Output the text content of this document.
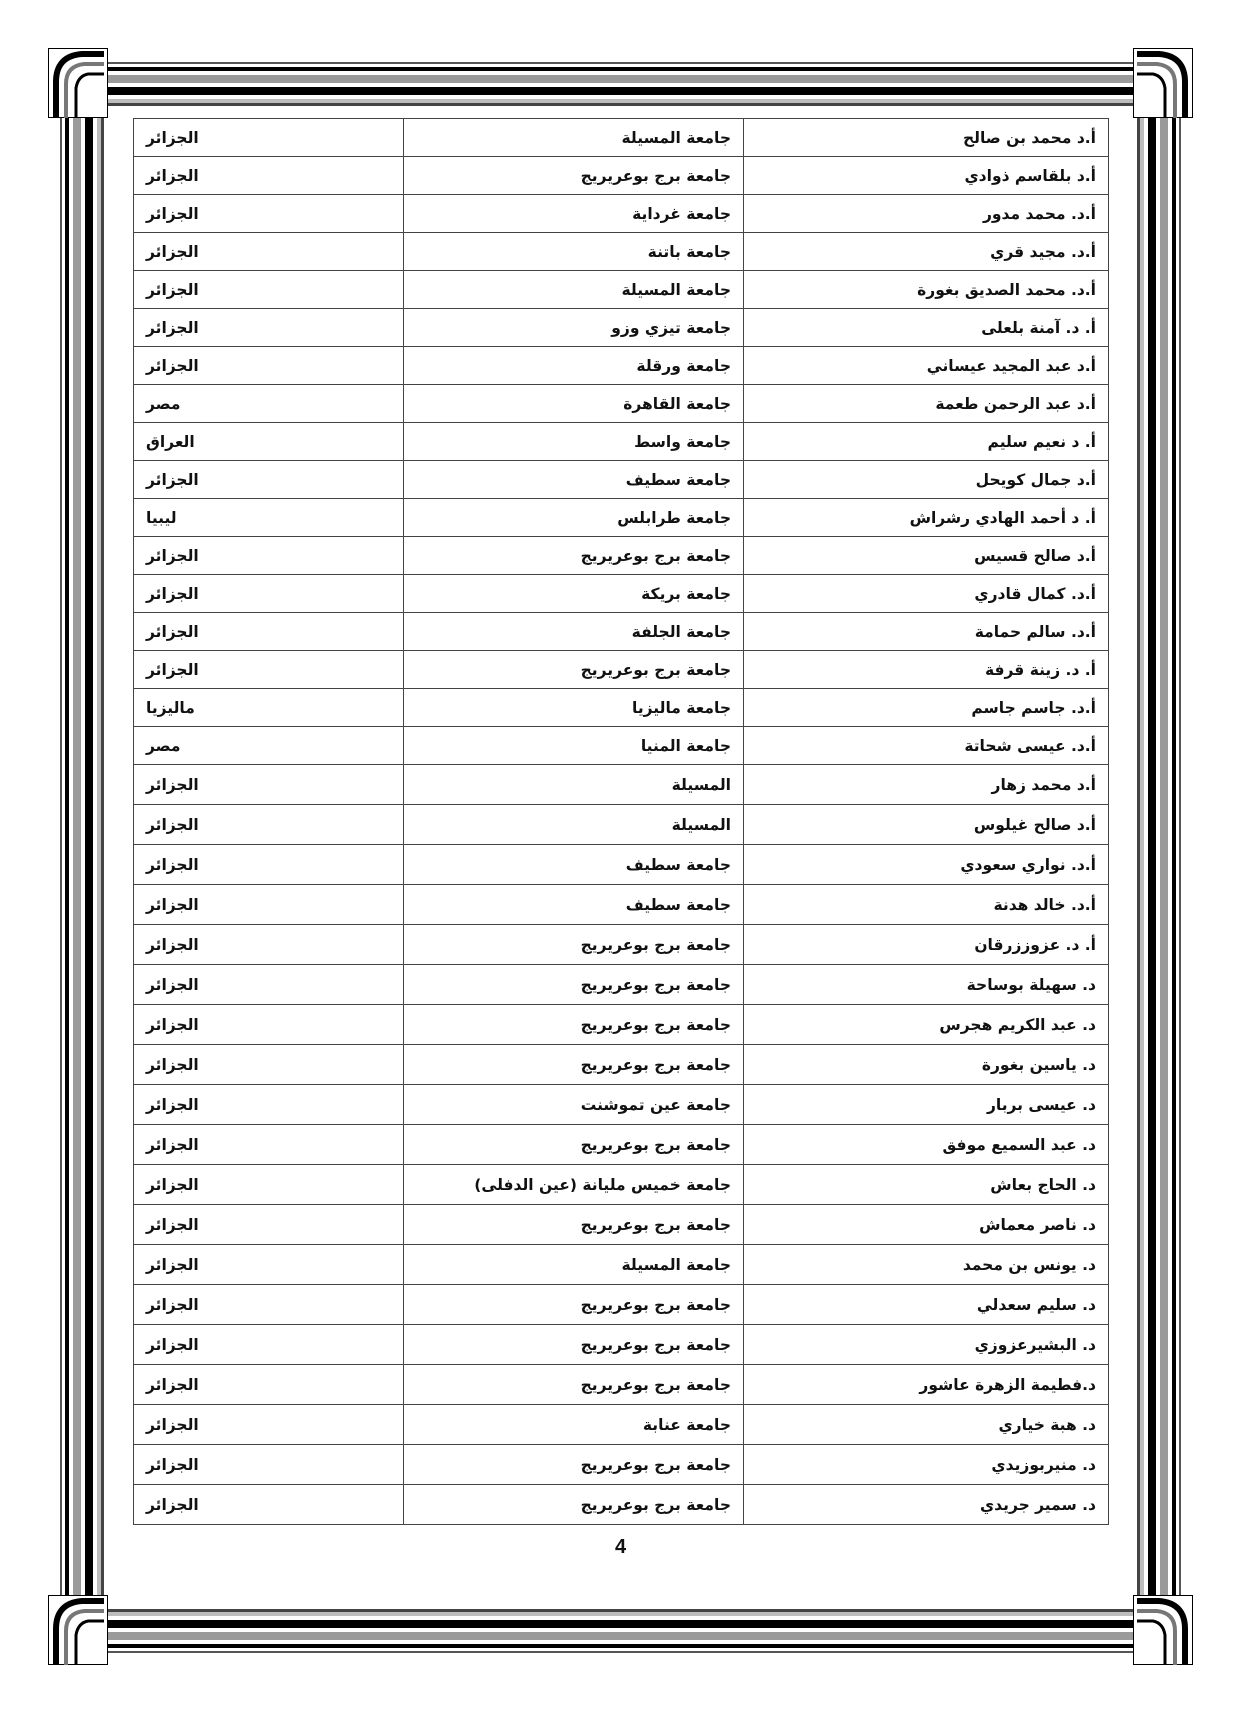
أ.د محمد بن صالح	جامعة المسيلة	الجزائر
أ.د بلقاسم ذوادي	جامعة برج بوعريريج	الجزائر
أ.د. محمد مدور	جامعة غرداية	الجزائر
أ.د. مجيد قري	جامعة باتنة	الجزائر
أ.د. محمد الصديق بغورة	جامعة المسيلة	الجزائر
أ. د. آمنة بلعلى	جامعة تيزي وزو	الجزائر
أ.د عبد المجيد عيساني	جامعة ورقلة	الجزائر
أ.د عبد الرحمن طعمة	جامعة القاهرة	مصر
أ. د نعيم سليم	جامعة واسط	العراق
أ.د جمال كويحل	جامعة سطيف	الجزائر
أ. د أحمد الهادي رشراش	جامعة طرابلس	ليبيا
أ.د صالح قسيس	جامعة برج بوعريريج	الجزائر
أ.د. كمال قادري	جامعة بريكة	الجزائر
أ.د. سالم حمامة	جامعة الجلفة	الجزائر
أ. د. زينة قرفة	جامعة برج بوعريريج	الجزائر
أ.د. جاسم جاسم	جامعة ماليزيا	ماليزيا
أ.د. عيسى شحاتة	جامعة المنيا	مصر
أ.د محمد زهار	المسيلة	الجزائر
أ.د صالح غيلوس	المسيلة	الجزائر
أ.د. نواري سعودي	جامعة سطيف	الجزائر
أ.د. خالد هدنة	جامعة سطيف	الجزائر
أ. د. عزوززرقان	جامعة برج بوعريريج	الجزائر
د. سهيلة بوساحة	جامعة برج بوعريريج	الجزائر
د. عبد الكريم هجرس	جامعة برج بوعريريج	الجزائر
د. ياسين بغورة	جامعة برج بوعريريج	الجزائر
د. عيسى بربار	جامعة عين تموشنت	الجزائر
د. عبد السميع موفق	جامعة برج بوعريريج	الجزائر
د. الحاج بعاش	جامعة خميس مليانة (عين الدفلى)	الجزائر
د. ناصر معماش	جامعة برج بوعريريج	الجزائر
د. يونس بن محمد	جامعة المسيلة	الجزائر
د. سليم سعدلي	جامعة برج بوعريريج	الجزائر
د. البشيرعزوزي	جامعة برج بوعريريج	الجزائر
د.فطيمة الزهرة عاشور	جامعة برج بوعريريج	الجزائر
د. هبة خياري	جامعة عنابة	الجزائر
د. منيربوزيدي	جامعة برج بوعريريج	الجزائر
د. سمير جريدي	جامعة برج بوعريريج	الجزائر
4
